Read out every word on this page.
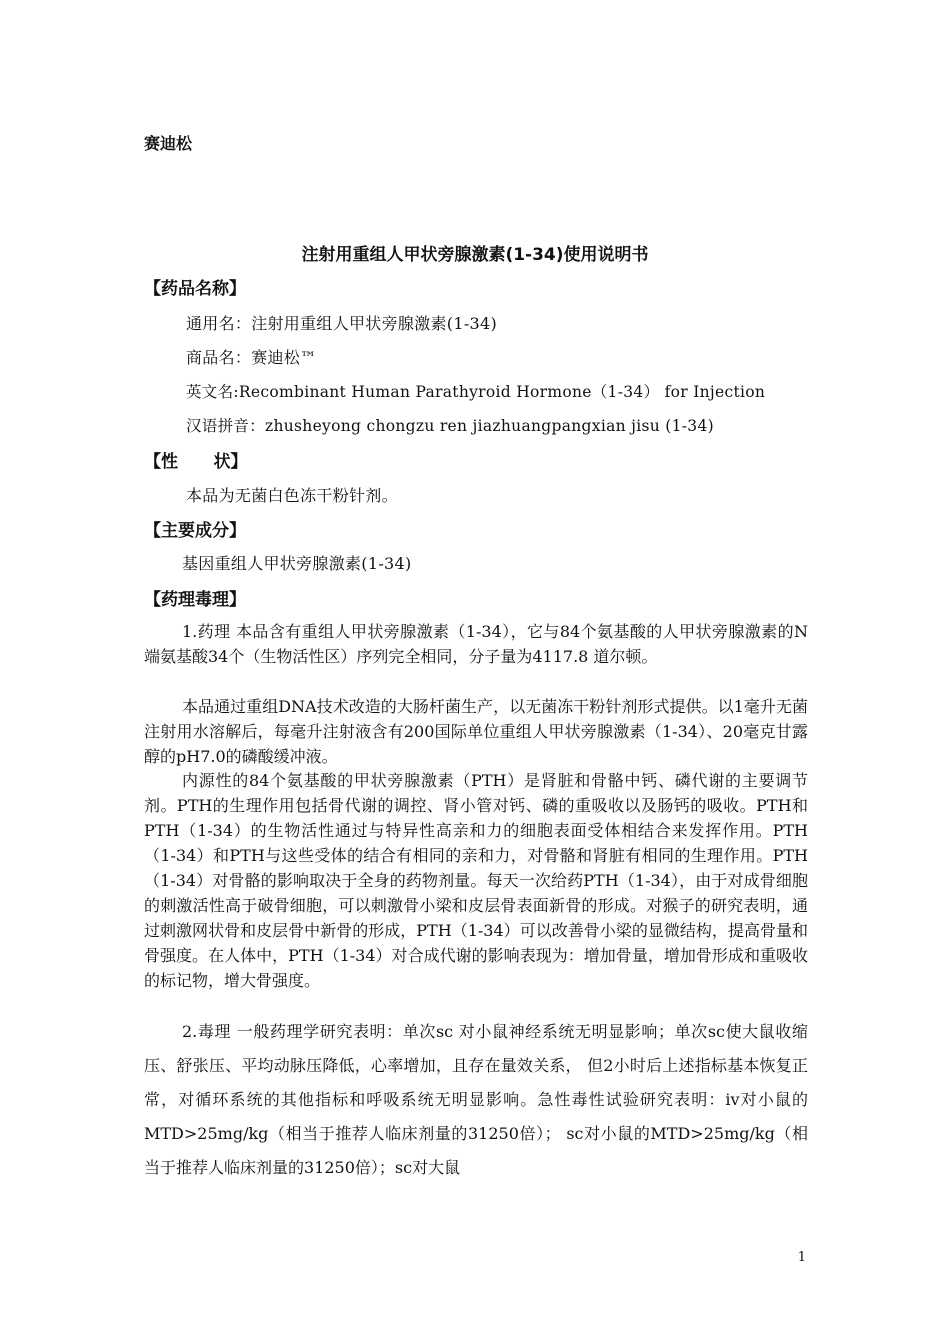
赛迪松
注射用重组人甲状旁腺激素(1-34)使用说明书
【药品名称】
通用名：注射用重组人甲状旁腺激素(1-34)
商品名：赛迪松™
英文名:Recombinant Human Parathyroid Hormone（1-34） for Injection
汉语拼音：zhusheyong chongzu ren jiazhuangpangxian jisu (1-34)
【性      状】
本品为无菌白色冻干粉针剂。
【主要成分】
基因重组人甲状旁腺激素(1-34)
【药理毒理】

1.药理 本品含有重组人甲状旁腺激素（1-34），它与84个氨基酸的人甲状旁腺激素的N端氨基酸34个（生物活性区）序列完全相同，分子量为4117.8 道尔顿。

本品通过重组DNA技术改造的大肠杆菌生产，以无菌冻干粉针剂形式提供。以1毫升无菌注射用水溶解后，每毫升注射液含有200国际单位重组人甲状旁腺激素（1-34）、20毫克甘露醇的pH7.0的磷酸缓冲液。

内源性的84个氨基酸的甲状旁腺激素（PTH）是肾脏和骨骼中钙、磷代谢的主要调节剂。PTH的生理作用包括骨代谢的调控、肾小管对钙、磷的重吸收以及肠钙的吸收。PTH和PTH（1-34）的生物活性通过与特异性高亲和力的细胞表面受体相结合来发挥作用。PTH（1-34）和PTH与这些受体的结合有相同的亲和力，对骨骼和肾脏有相同的生理作用。PTH（1-34）对骨骼的影响取决于全身的药物剂量。每天一次给药PTH（1-34），由于对成骨细胞的刺激活性高于破骨细胞，可以刺激骨小梁和皮层骨表面新骨的形成。对猴子的研究表明，通过刺激网状骨和皮层骨中新骨的形成，PTH（1-34）可以改善骨小梁的显微结构，提高骨量和骨强度。在人体中，PTH（1-34）对合成代谢的影响表现为：增加骨量，增加骨形成和重吸收的标记物，增大骨强度。

2.毒理 一般药理学研究表明：单次sc 对小鼠神经系统无明显影响；单次sc使大鼠收缩压、舒张压、平均动脉压降低，心率增加，且存在量效关系， 但2小时后上述指标基本恢复正常，对循环系统的其他指标和呼吸系统无明显影响。急性毒性试验研究表明：iv对小鼠的MTD>25mg/kg（相当于推荐人临床剂量的31250倍）； sc对小鼠的MTD>25mg/kg（相当于推荐人临床剂量的31250倍）；sc对大鼠

1
